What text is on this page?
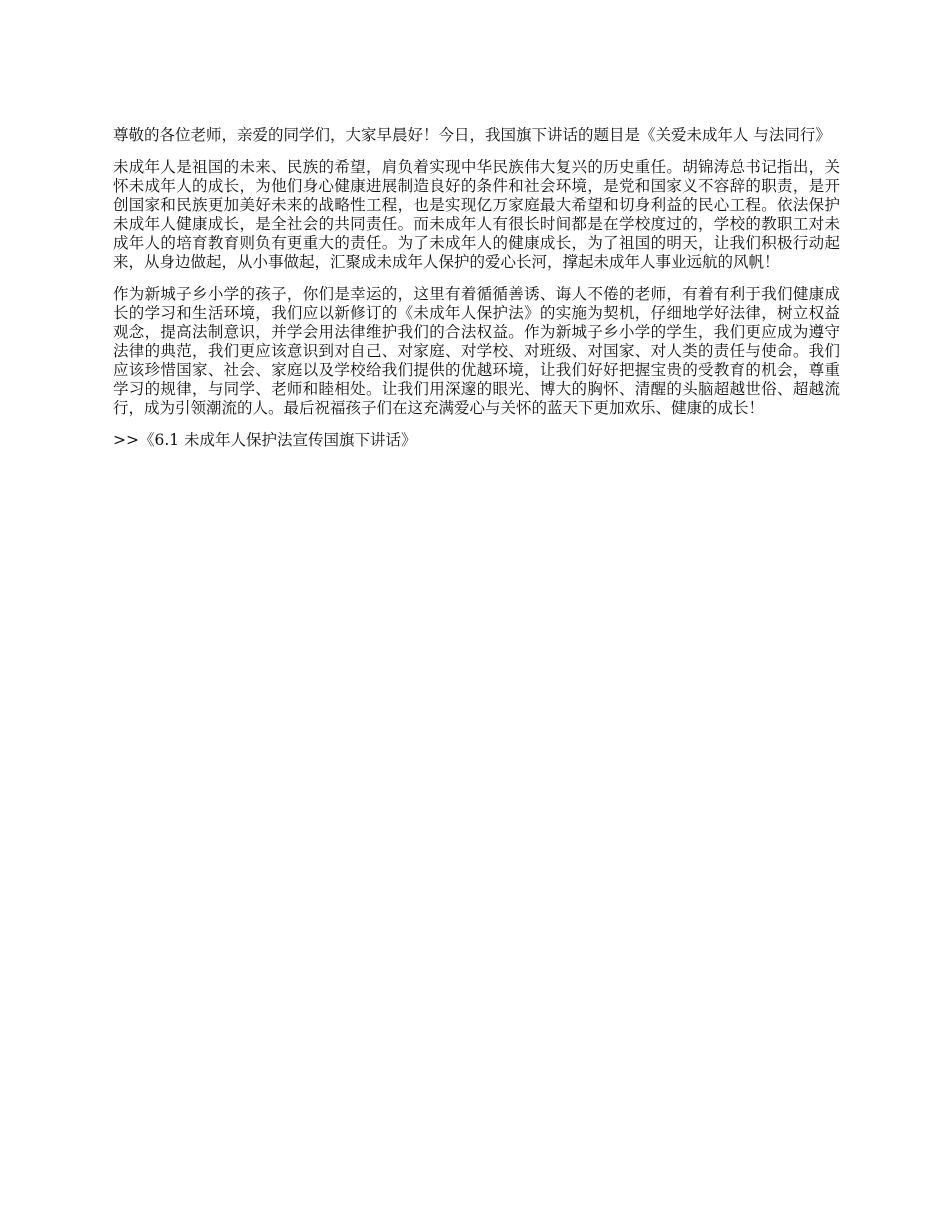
尊敬的各位老师，亲爱的同学们，大家早晨好！今日，我国旗下讲话的题目是《关爱未成年人 与法同行》

未成年人是祖国的未来、民族的希望，肩负着实现中华民族伟大复兴的历史重任。胡锦涛总书记指出，关怀未成年人的成长，为他们身心健康进展制造良好的条件和社会环境，是党和国家义不容辞的职责，是开创国家和民族更加美好未来的战略性工程，也是实现亿万家庭最大希望和切身利益的民心工程。依法保护未成年人健康成长，是全社会的共同责任。而未成年人有很长时间都是在学校度过的，学校的教职工对未成年人的培育教育则负有更重大的责任。为了未成年人的健康成长，为了祖国的明天，让我们积极行动起来，从身边做起，从小事做起，汇聚成未成年人保护的爱心长河，撑起未成年人事业远航的风帆！

作为新城子乡小学的孩子，你们是幸运的，这里有着循循善诱、诲人不倦的老师，有着有利于我们健康成长的学习和生活环境，我们应以新修订的《未成年人保护法》的实施为契机，仔细地学好法律，树立权益观念，提高法制意识，并学会用法律维护我们的合法权益。作为新城子乡小学的学生，我们更应成为遵守法律的典范，我们更应该意识到对自己、对家庭、对学校、对班级、对国家、对人类的责任与使命。我们应该珍惜国家、社会、家庭以及学校给我们提供的优越环境，让我们好好把握宝贵的受教育的机会，尊重学习的规律，与同学、老师和睦相处。让我们用深邃的眼光、博大的胸怀、清醒的头脑超越世俗、超越流行，成为引领潮流的人。最后祝福孩子们在这充满爱心与关怀的蓝天下更加欢乐、健康的成长！

>>《6.1 未成年人保护法宣传国旗下讲话》
